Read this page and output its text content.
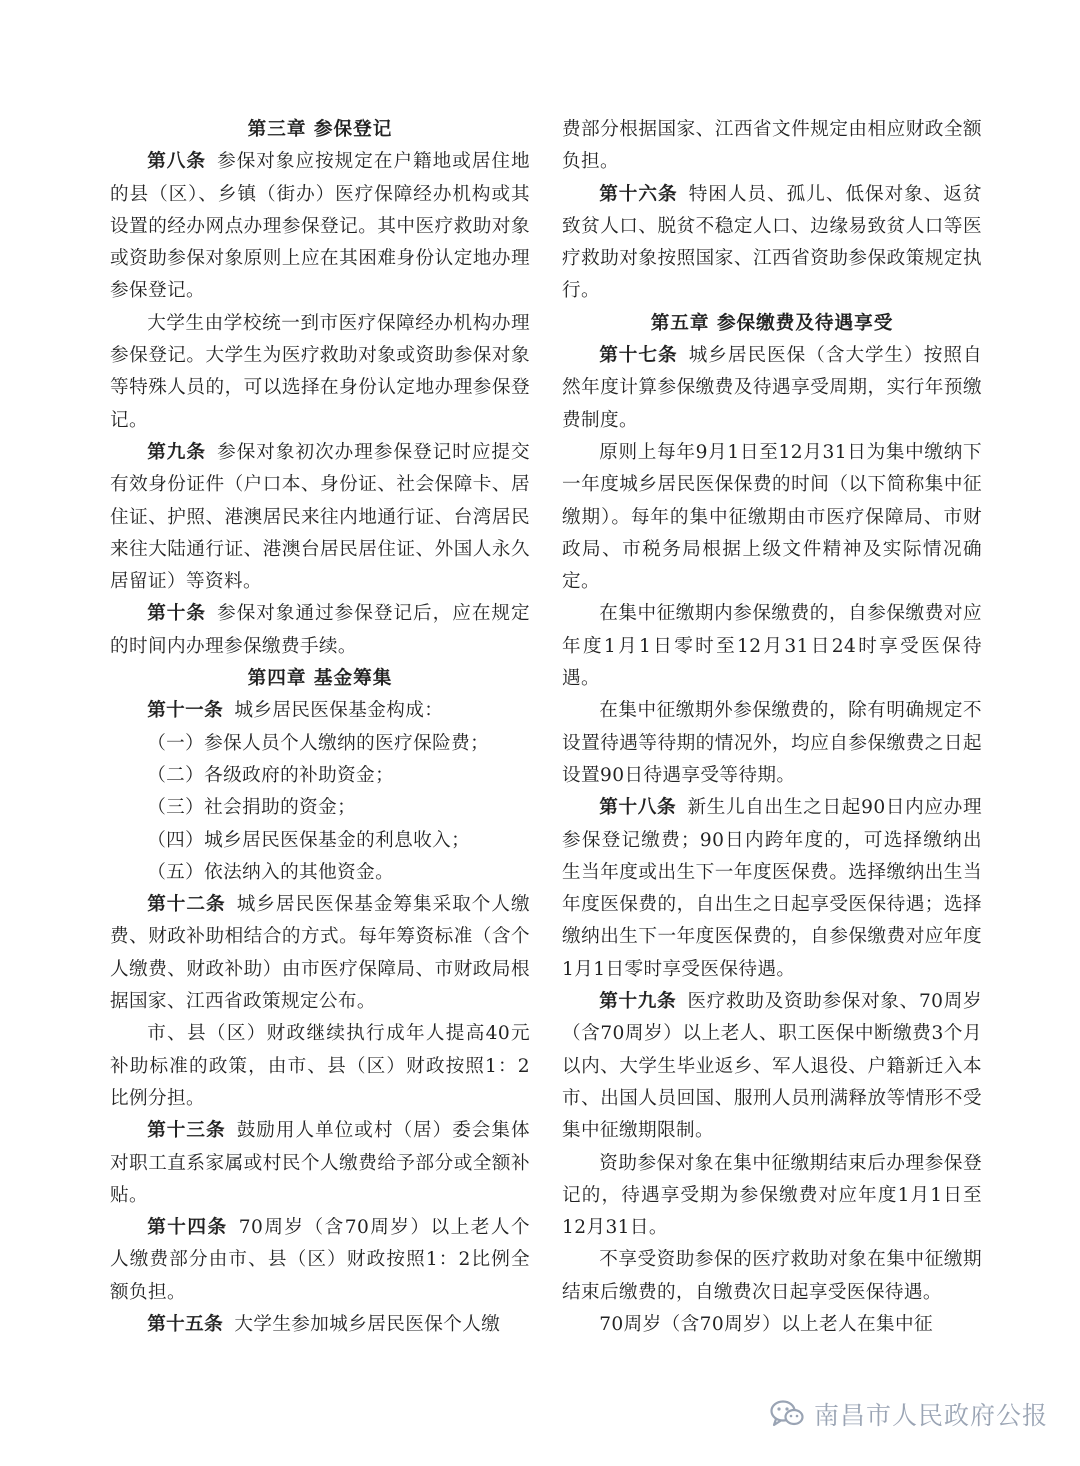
第三章 参保登记

第八条 参保对象应按规定在户籍地或居住地的县（区）、乡镇（街办）医疗保障经办机构或其设置的经办网点办理参保登记。其中医疗救助对象或资助参保对象原则上应在其困难身份认定地办理参保登记。

大学生由学校统一到市医疗保障经办机构办理参保登记。大学生为医疗救助对象或资助参保对象等特殊人员的，可以选择在身份认定地办理参保登记。

第九条 参保对象初次办理参保登记时应提交有效身份证件（户口本、身份证、社会保障卡、居住证、护照、港澳居民来往内地通行证、台湾居民来往大陆通行证、港澳台居民居住证、外国人永久居留证）等资料。

第十条 参保对象通过参保登记后，应在规定的时间内办理参保缴费手续。

第四章 基金筹集

第十一条 城乡居民医保基金构成：

（一）参保人员个人缴纳的医疗保险费；

（二）各级政府的补助资金；

（三）社会捐助的资金；

（四）城乡居民医保基金的利息收入；

（五）依法纳入的其他资金。

第十二条 城乡居民医保基金筹集采取个人缴费、财政补助相结合的方式。每年筹资标准（含个人缴费、财政补助）由市医疗保障局、市财政局根据国家、江西省政策规定公布。

市、县（区）财政继续执行成年人提高40元补助标准的政策，由市、县（区）财政按照1：2比例分担。

第十三条 鼓励用人单位或村（居）委会集体对职工直系家属或村民个人缴费给予部分或全额补贴。

第十四条 70周岁（含70周岁）以上老人个人缴费部分由市、县（区）财政按照1：2比例全额负担。

第十五条 大学生参加城乡居民医保个人缴

费部分根据国家、江西省文件规定由相应财政全额负担。

第十六条 特困人员、孤儿、低保对象、返贫致贫人口、脱贫不稳定人口、边缘易致贫人口等医疗救助对象按照国家、江西省资助参保政策规定执行。

第五章 参保缴费及待遇享受

第十七条 城乡居民医保（含大学生）按照自然年度计算参保缴费及待遇享受周期，实行年预缴费制度。

原则上每年9月1日至12月31日为集中缴纳下一年度城乡居民医保保费的时间（以下简称集中征缴期）。每年的集中征缴期由市医疗保障局、市财政局、市税务局根据上级文件精神及实际情况确定。

在集中征缴期内参保缴费的，自参保缴费对应年度1月1日零时至12月31日24时享受医保待遇。

在集中征缴期外参保缴费的，除有明确规定不设置待遇等待期的情况外，均应自参保缴费之日起设置90日待遇享受等待期。

第十八条 新生儿自出生之日起90日内应办理参保登记缴费；90日内跨年度的，可选择缴纳出生当年度或出生下一年度医保费。选择缴纳出生当年度医保费的，自出生之日起享受医保待遇；选择缴纳出生下一年度医保费的，自参保缴费对应年度1月1日零时享受医保待遇。

第十九条 医疗救助及资助参保对象、70周岁（含70周岁）以上老人、职工医保中断缴费3个月以内、大学生毕业返乡、军人退役、户籍新迁入本市、出国人员回国、服刑人员刑满释放等情形不受集中征缴期限制。

资助参保对象在集中征缴期结束后办理参保登记的，待遇享受期为参保缴费对应年度1月1日至12月31日。

不享受资助参保的医疗救助对象在集中征缴期结束后缴费的，自缴费次日起享受医保待遇。

70周岁（含70周岁）以上老人在集中征

南昌市人民政府公报
